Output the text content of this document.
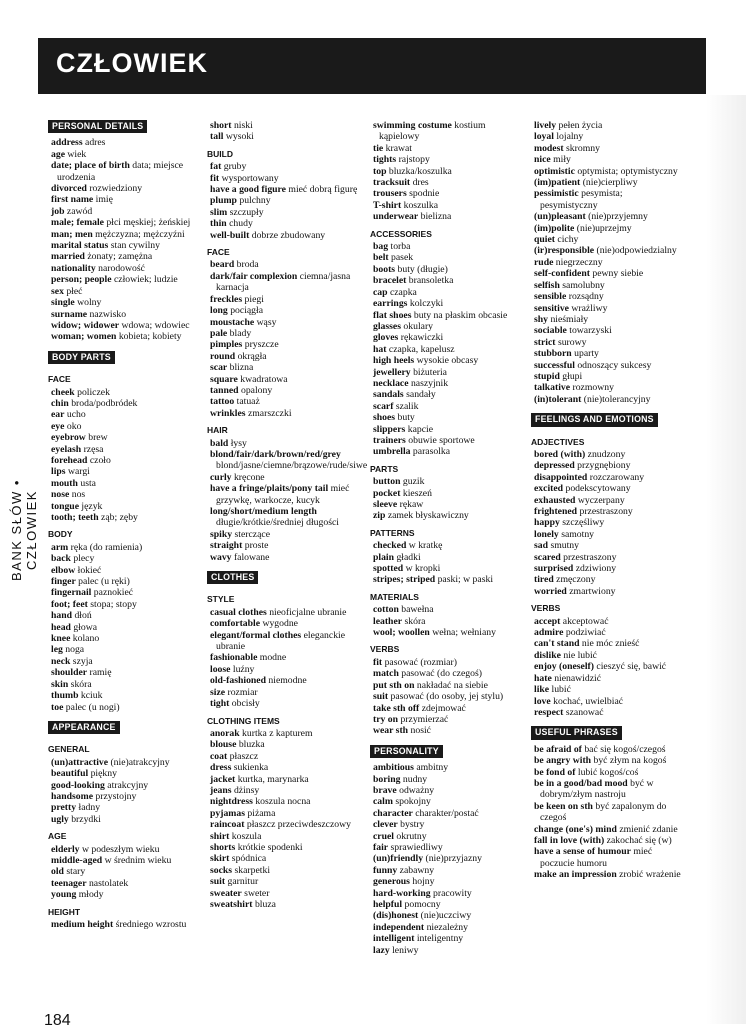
CZŁOWIEK
PERSONAL DETAILS
address adres
age wiek
date; place of birth data; miejsce urodzenia
divorced rozwiedziony
first name imię
job zawód
male; female płci męskiej; żeńskiej
man; men mężczyzna; mężczyźni
marital status stan cywilny
married żonaty; zamężna
nationality narodowość
person; people człowiek; ludzie
sex płeć
single wolny
surname nazwisko
widow; widower wdowa; wdowiec
woman; women kobieta; kobiety
BODY PARTS
FACE
cheek policzek
chin broda/podbródek
ear ucho
eye oko
eyebrow brew
eyelash rzęsa
forehead czoło
lips wargi
mouth usta
nose nos
tongue język
tooth; teeth ząb; zęby
BODY
arm ręka (do ramienia)
back plecy
elbow łokieć
finger palec (u ręki)
fingernail paznokieć
foot; feet stopa; stopy
hand dłoń
head głowa
knee kolano
leg noga
neck szyja
shoulder ramię
skin skóra
thumb kciuk
toe palec (u nogi)
APPEARANCE
GENERAL
(un)attractive (nie)atrakcyjny
beautiful piękny
good-looking atrakcyjny
handsome przystojny
pretty ładny
ugly brzydki
AGE
elderly w podeszłym wieku
middle-aged w średnim wieku
old stary
teenager nastolatek
young młody
HEIGHT
medium height średniego wzrostu
short niski
tall wysoki
BUILD
fat gruby
fit wysportowany
have a good figure mieć dobrą figurę
plump pulchny
slim szczupły
thin chudy
well-built dobrze zbudowany
FACE
beard broda
dark/fair complexion ciemna/jasna karnacja
freckles piegi
long pociągła
moustache wąsy
pale blady
pimples pryszcze
round okrągła
scar blizna
square kwadratowa
tanned opalony
tattoo tatuaż
wrinkles zmarszczki
HAIR
bald łysy
blond/fair/dark/brown/red/grey blond/jasne/ciemne/brązowe/rude/siwe
curly kręcone
have a fringe/plaits/pony tail mieć grzywkę, warkocze, kucyk
long/short/medium length długie/krótkie/średniej długości
spiky sterczące
straight proste
wavy falowane
CLOTHES
STYLE
casual clothes nieoficjalne ubranie
comfortable wygodne
elegant/formal clothes eleganckie ubranie
fashionable modne
loose luźny
old-fashioned niemodne
size rozmiar
tight obcisły
CLOTHING ITEMS
anorak kurtka z kapturem
blouse bluzka
coat płaszcz
dress sukienka
jacket kurtka, marynarka
jeans dżinsy
nightdress koszula nocna
pyjamas piżama
raincoat płaszcz przeciwdeszczowy
shirt koszula
shorts krótkie spodenki
skirt spódnica
socks skarpetki
suit garnitur
sweater sweter
sweatshirt bluza
swimming costume kostium kąpielowy
tie krawat
tights rajstopy
top bluzka/koszulka
tracksuit dres
trousers spodnie
T-shirt koszulka
underwear bielizna
ACCESSORIES
bag torba
belt pasek
boots buty (długie)
bracelet bransoletka
cap czapka
earrings kolczyki
flat shoes buty na płaskim obcasie
glasses okulary
gloves rękawiczki
hat czapka, kapelusz
high heels wysokie obcasy
jewellery biżuteria
necklace naszyjnik
sandals sandały
scarf szalik
shoes buty
slippers kapcie
trainers obuwie sportowe
umbrella parasolka
PARTS
button guzik
pocket kieszeń
sleeve rękaw
zip zamek błyskawiczny
PATTERNS
checked w kratkę
plain gładki
spotted w kropki
stripes; striped paski; w paski
MATERIALS
cotton bawełna
leather skóra
wool; woollen wełna; wełniany
VERBS
fit pasować (rozmiar)
match pasować (do czegoś)
put sth on nakładać na siebie
suit pasować (do osoby, jej stylu)
take sth off zdejmować
try on przymierzać
wear sth nosić
PERSONALITY
ambitious ambitny
boring nudny
brave odważny
calm spokojny
character charakter/postać
clever bystry
cruel okrutny
fair sprawiedliwy
(un)friendly (nie)przyjazny
funny zabawny
generous hojny
hard-working pracowity
helpful pomocny
(dis)honest (nie)uczciwy
independent niezależny
intelligent inteligentny
lazy leniwy
lively pełen życia
loyal lojalny
modest skromny
nice miły
optimistic optymista; optymistyczny
(im)patient (nie)cierpliwy
pessimistic pesymista; pesymistyczny
(un)pleasant (nie)przyjemny
(im)polite (nie)uprzejmy
quiet cichy
(ir)responsible (nie)odpowiedzialny
rude niegrzeczny
self-confident pewny siebie
selfish samolubny
sensible rozsądny
sensitive wrażliwy
shy nieśmiały
sociable towarzyski
strict surowy
stubborn uparty
successful odnoszący sukcesy
stupid głupi
talkative rozmowny
(in)tolerant (nie)tolerancyjny
FEELINGS AND EMOTIONS
ADJECTIVES
bored (with) znudzony
depressed przygnębiony
disappointed rozczarowany
excited podekscytowany
exhausted wyczerpany
frightened przestraszony
happy szczęśliwy
lonely samotny
sad smutny
scared przestraszony
surprised zdziwiony
tired zmęczony
worried zmartwiony
VERBS
accept akceptować
admire podziwiać
can't stand nie móc znieść
dislike nie lubić
enjoy (oneself) cieszyć się, bawić
hate nienawidzić
like lubić
love kochać, uwielbiać
respect szanować
USEFUL PHRASES
be afraid of bać się kogoś/czegoś
be angry with być złym na kogoś
be fond of lubić kogoś/coś
be in a good/bad mood być w dobrym/złym nastroju
be keen on sth być zapalonym do czegoś
change (one's) mind zmienić zdanie
fall in love (with) zakochać się (w)
have a sense of humour mieć poczucie humoru
make an impression zrobić wrażenie
BANK SŁÓW • CZŁOWIEK
184
